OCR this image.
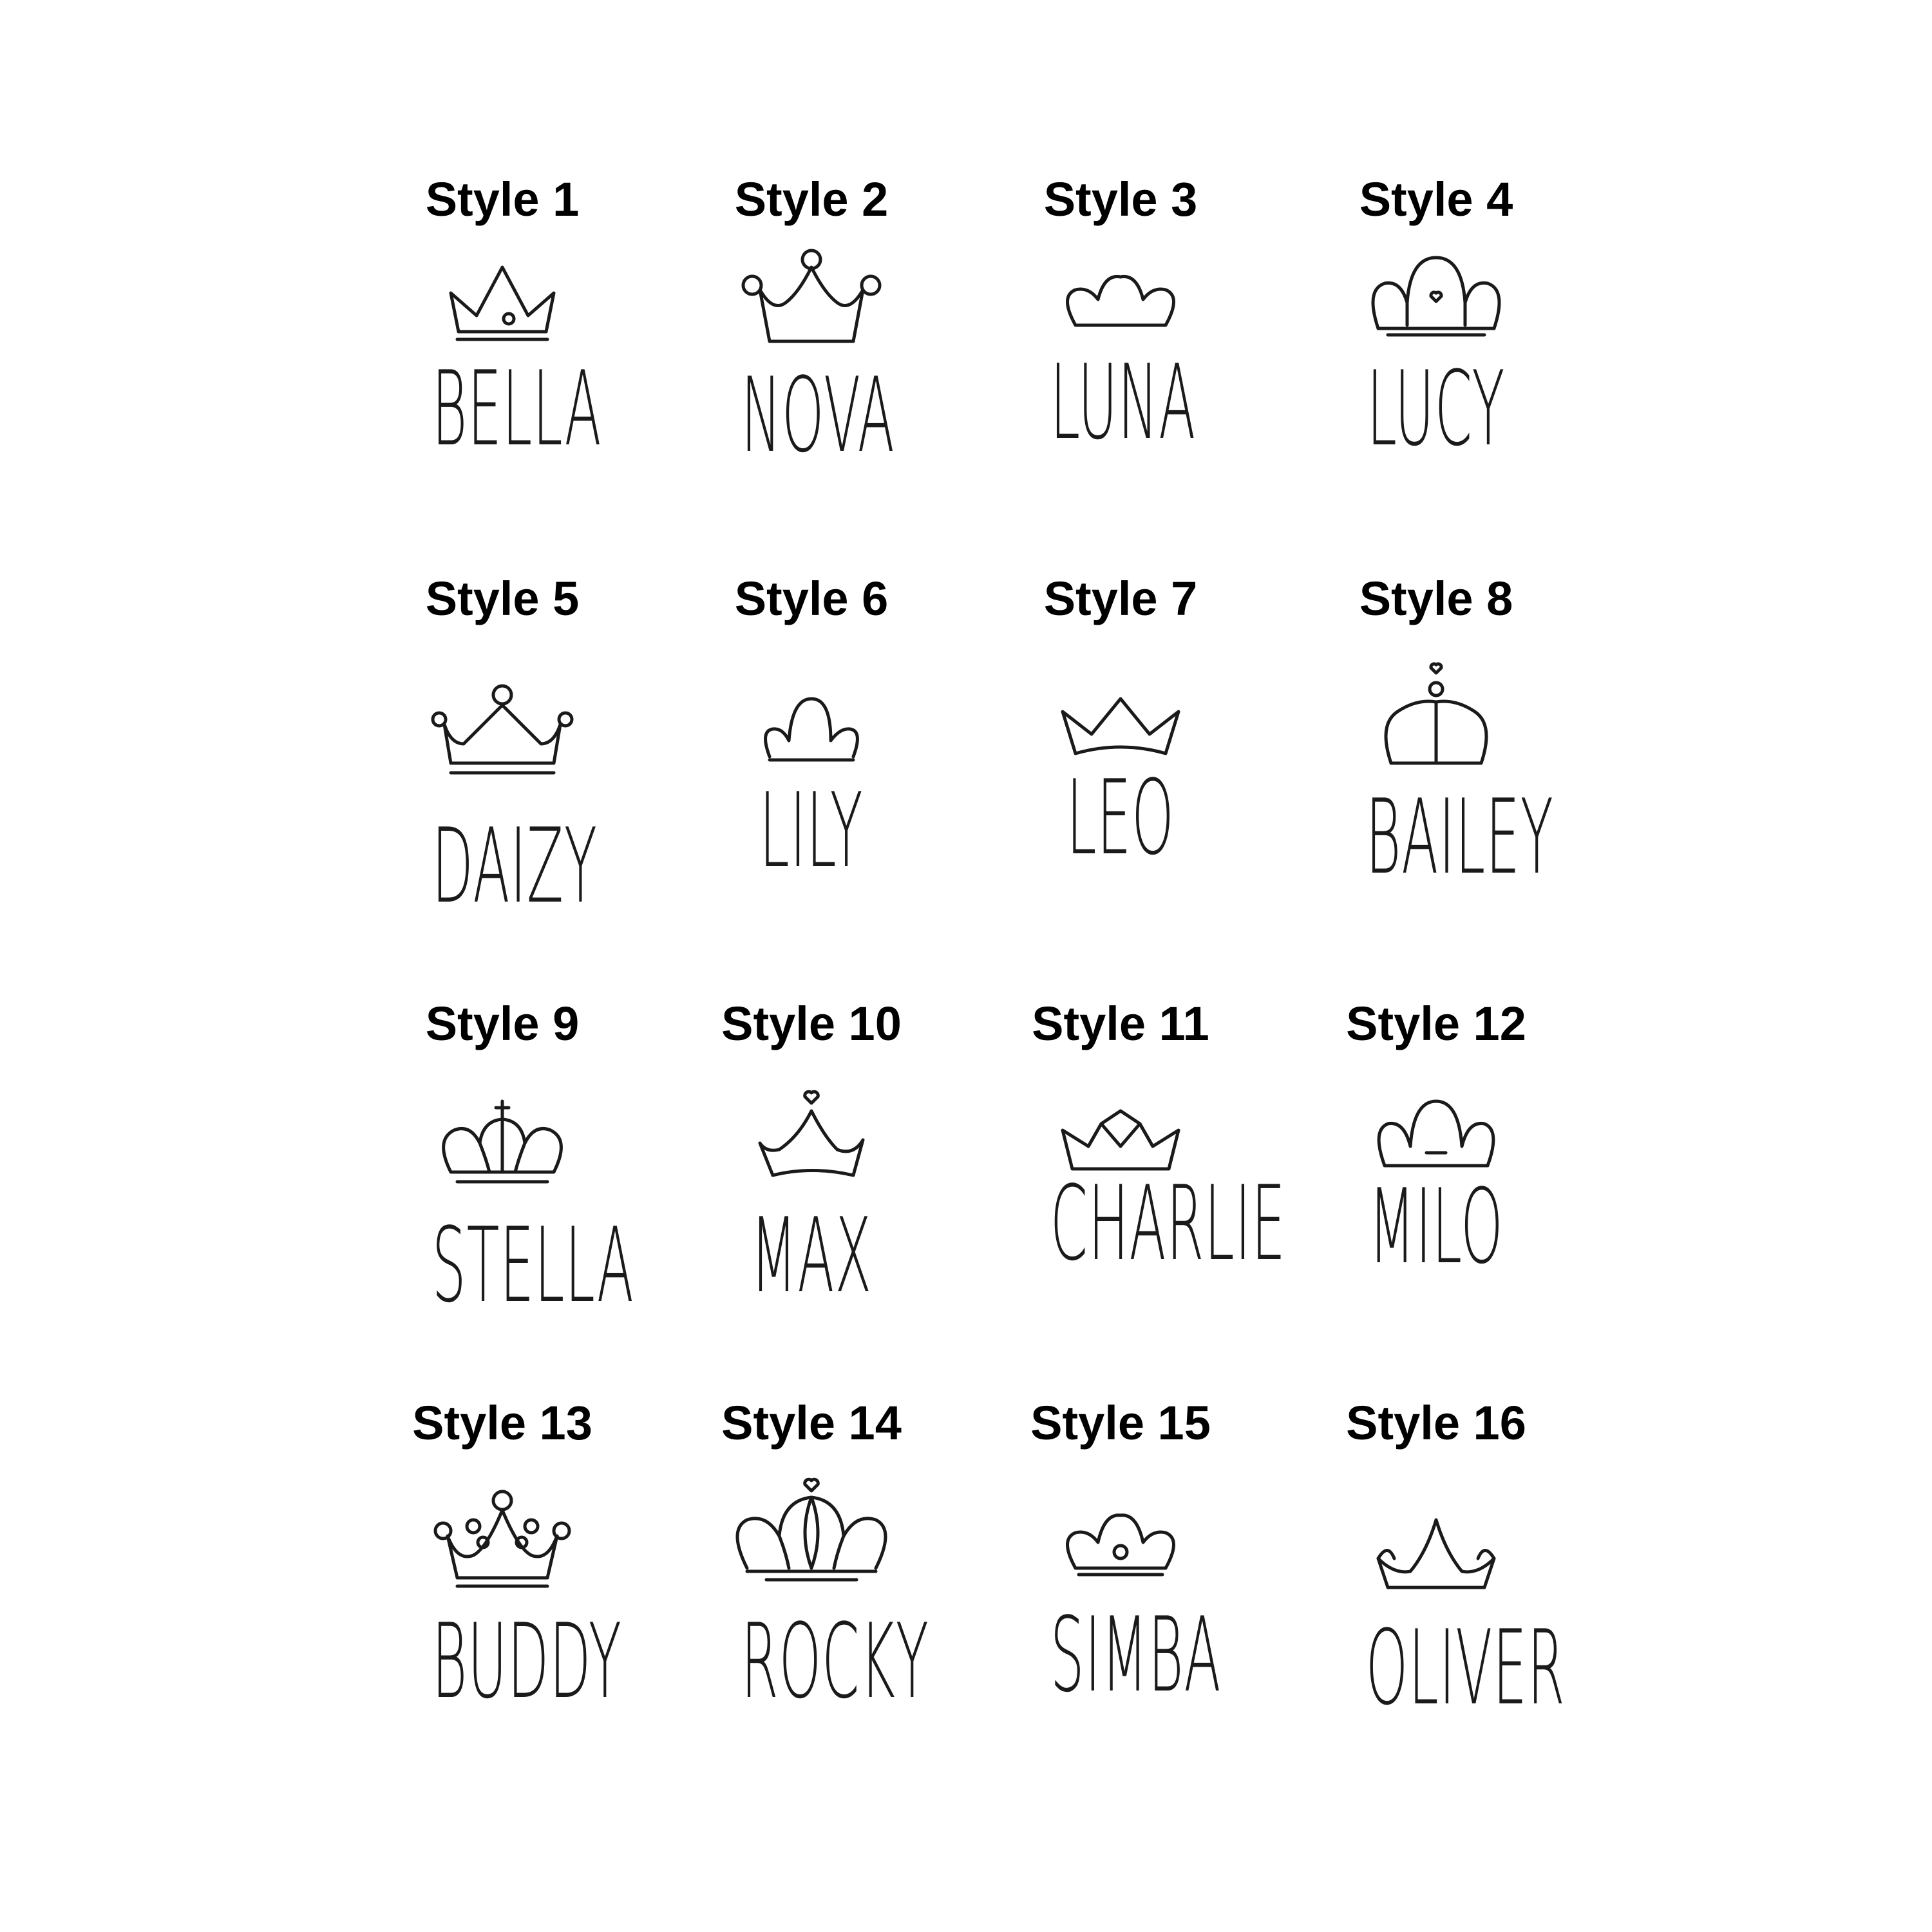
Style 1
BELLA
Style 2
NOVA
Style 3
LUNA
Style 4
LUCY
Style 5
DAIZY
Style 6
LILY
Style 7
LEO
Style 8
BAILEY
Style 9
STELLA
Style 10
MAX
Style 11
CHARLIE
Style 12
MILO
Style 13
BUDDY
Style 14
ROCKY
Style 15
SIMBA
Style 16
OLIVER
